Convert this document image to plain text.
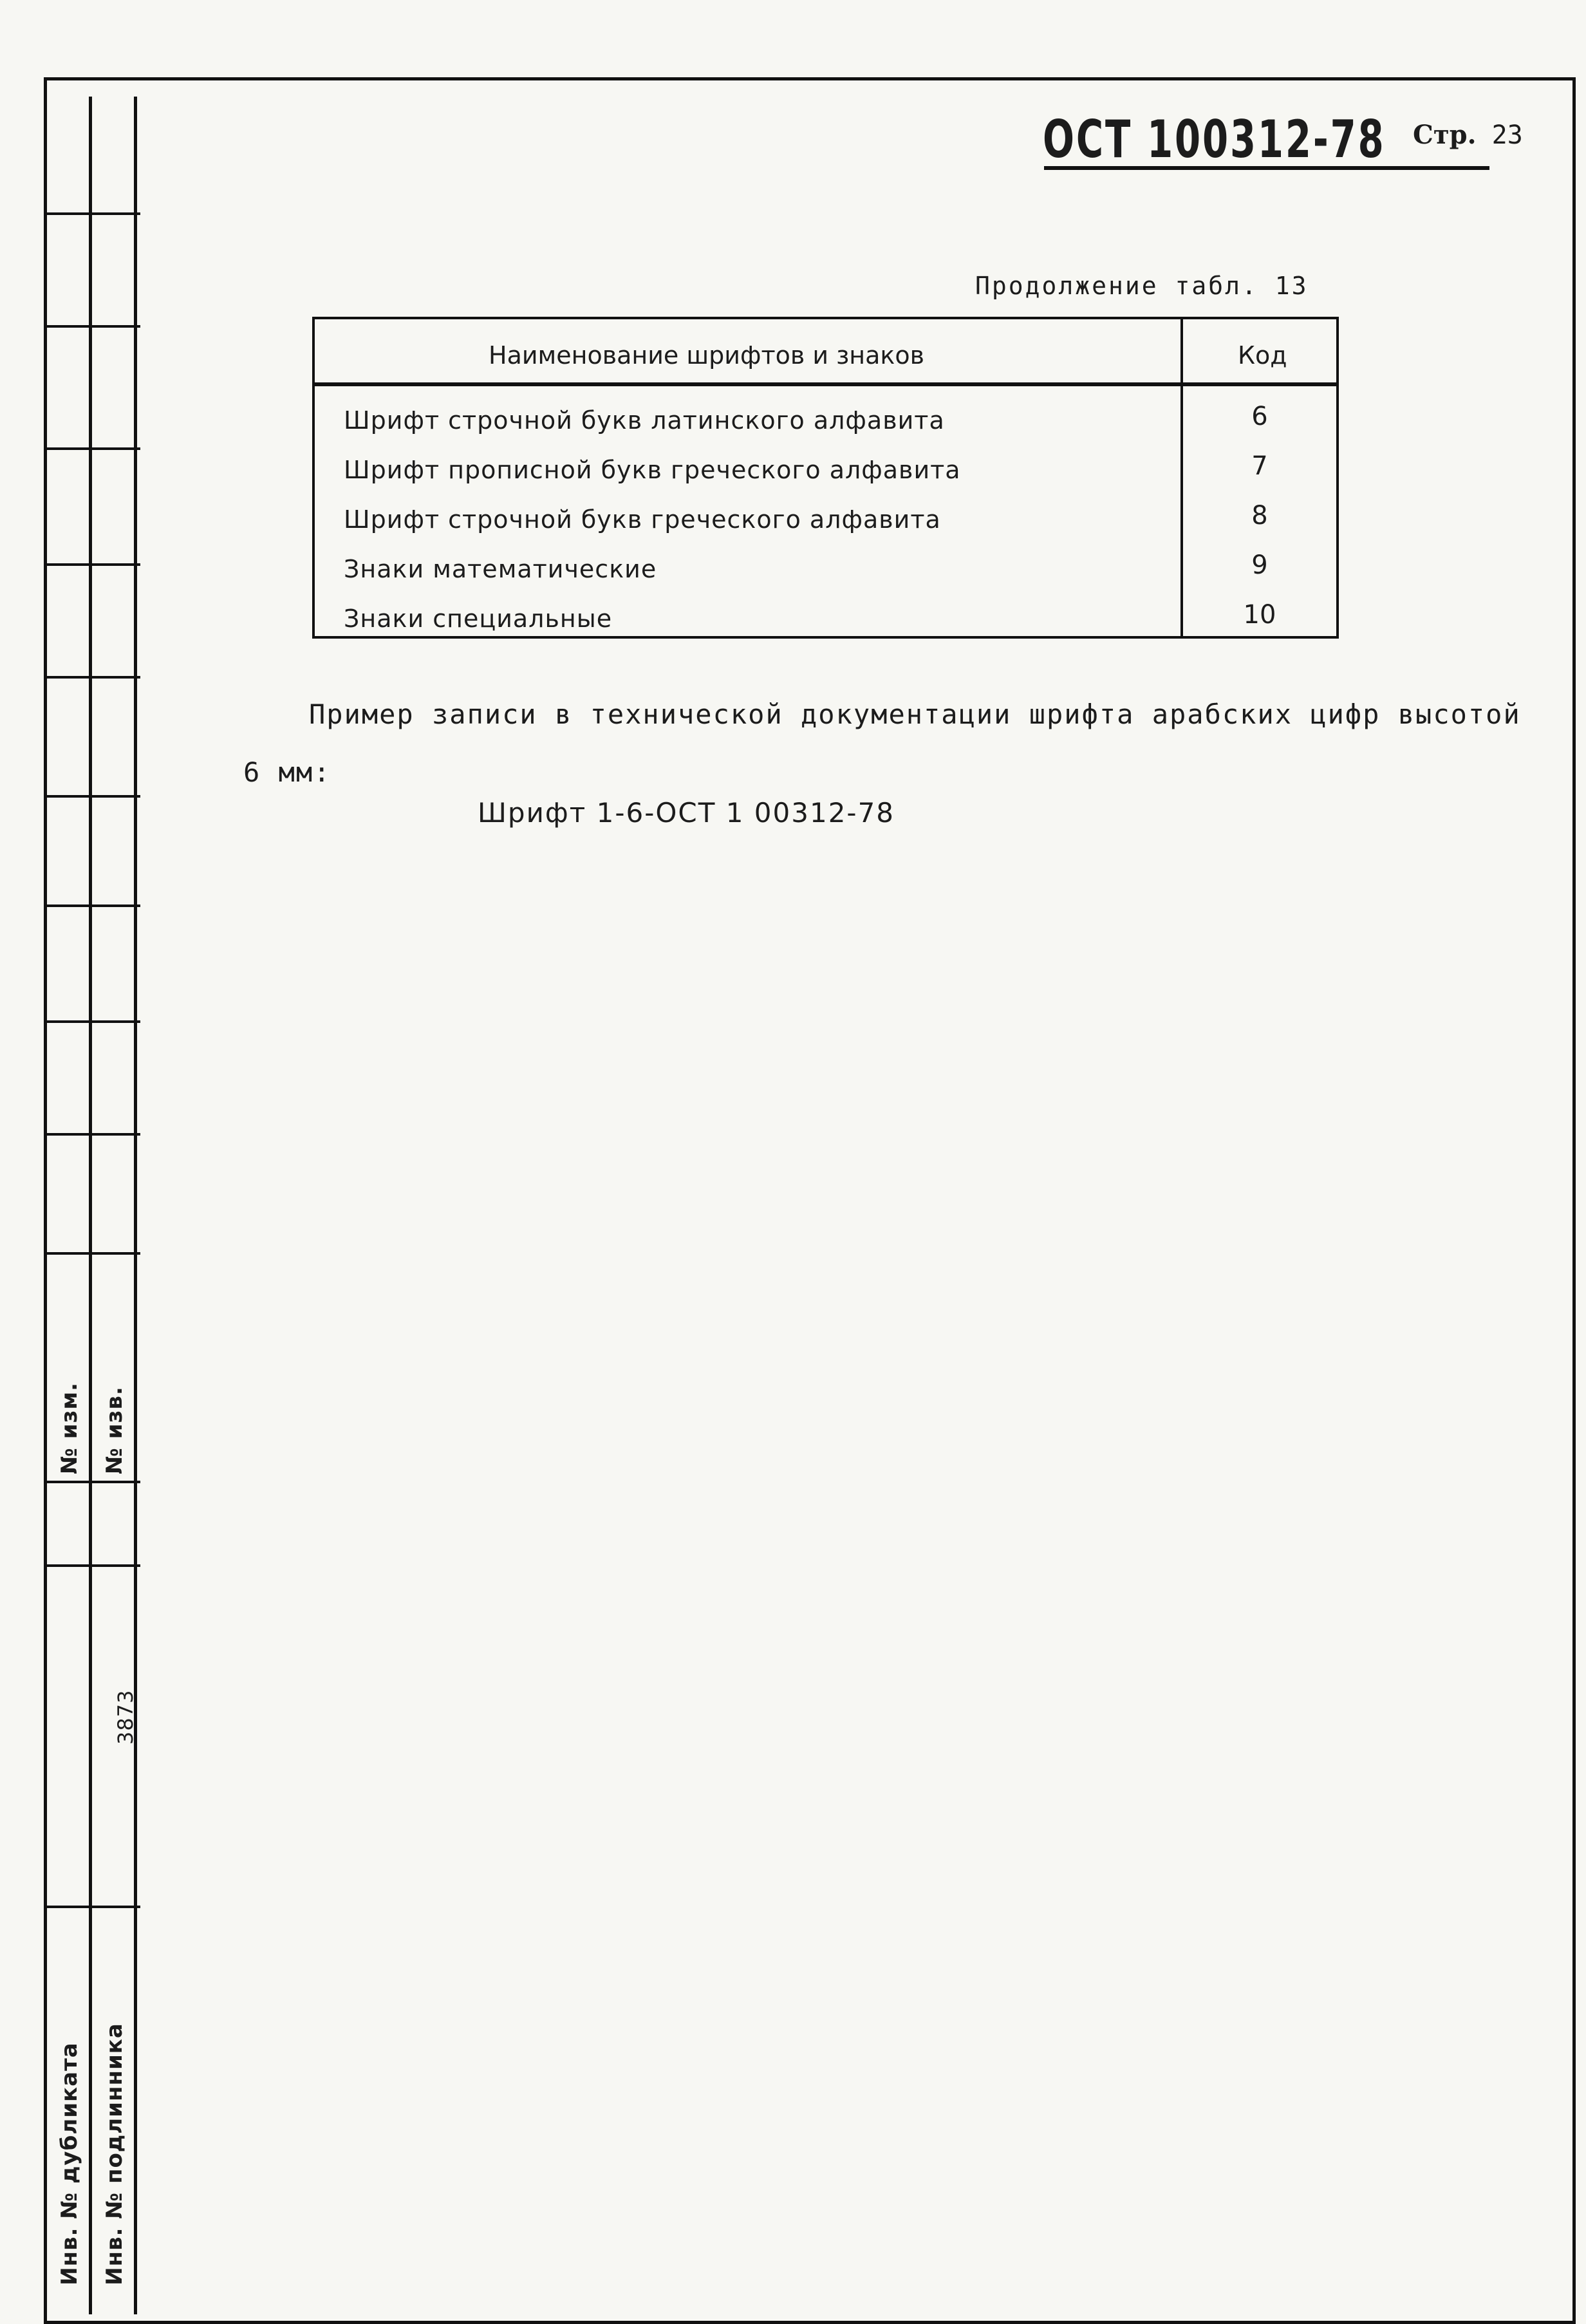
№ изм. № изв.
3873
Инв. № дубликата Инв. № подлинника
ОСТ 100312-78 Стр. 23
Продолжение табл. 13
Наименование шрифтов и знаков	Код
Шрифт строчной букв латинского алфавита	6
Шрифт прописной букв греческого алфавита	7
Шрифт строчной букв греческого алфавита	8
Знаки математические	9
Знаки специальные	10
Пример записи в технической документации шрифта арабских цифр высотой
6 мм:
Шрифт 1-6-ОСТ 1 00312-78
